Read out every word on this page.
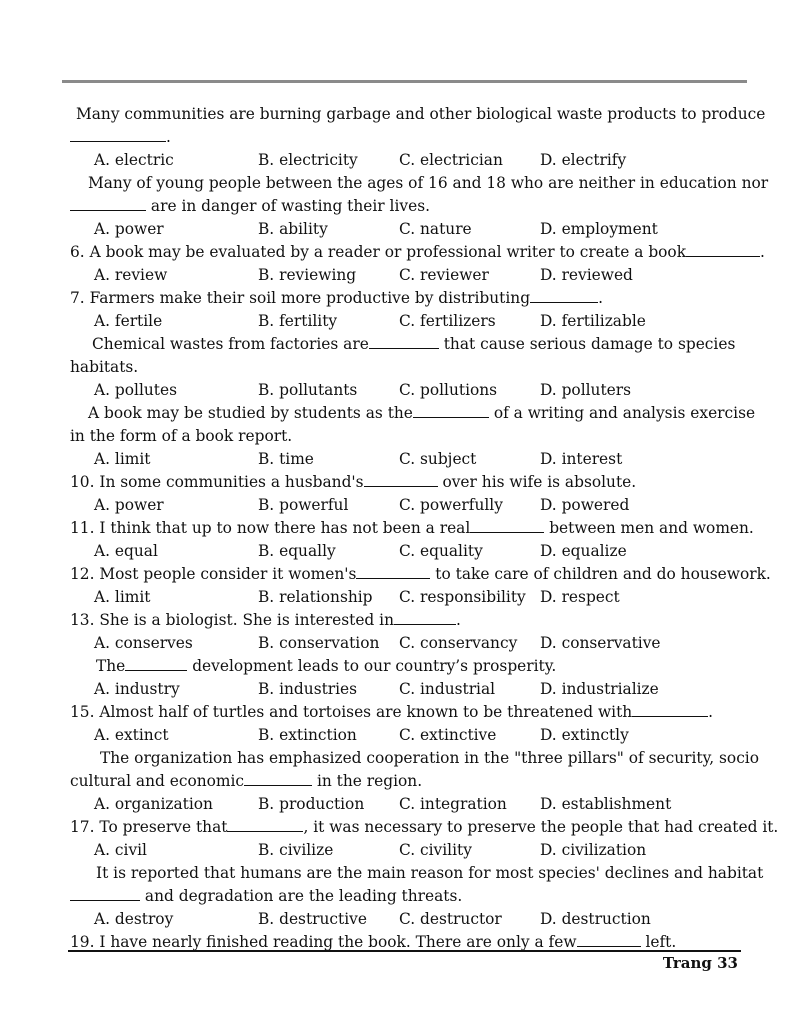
Many communities are burning garbage and other biological waste products to produce
.
A. electric	B. electricity	C. electrician D. electrify
Many of young people between the ages of 16 and 18 who are neither in education nor
are in danger of wasting their lives.
A. power	B. ability	C. nature	D. employment
6. A book may be evaluated by a reader or professional writer to create a book	.
A. review	B. reviewing	C. reviewer	D. reviewed
7. Farmers make their soil more productive by distributing	.
A. fertile	B. fertility	C. fertilizers	D. fertilizable
Chemical wastes from factories are	that cause serious damage to species
habitats.
A. pollutes	B. pollutants	C. pollutions	D. polluters
A book may be studied by students as the	of a writing and analysis exercise
in the form of a book report.
A. limit	B. time	C. subject	D. interest
10. In some communities a husband's	over his wife is absolute.
A. power	B. powerful	C. powerfully D. powered
11. I think that up to now there has not been a real	between men and women.
A. equal	B. equally	C. equality	D. equalize
12. Most people consider it women's	to take care of children and do housework.
A. limit	B. relationship C. responsibility D. respect
13. She is a biologist. She is interested in	.
A. conserves	B. conservation C. conservancy D. conservative
The	development leads to our country’s prosperity.
A. industry	B. industries	C. industrial	D. industrialize
15. Almost half of turtles and tortoises are known to be threatened with	.
A. extinct	B. extinction	C. extinctive	D. extinctly
The organization has emphasized cooperation in the "three pillars" of security, socio
cultural and economic	in the region.
A. organization	B. production C. integration D. establishment
17. To preserve that	, it was necessary to preserve the people that had created it.
A. civil	B. civilize	C. civility	D. civilization
It is reported that humans are the main reason for most species' declines and habitat
and degradation are the leading threats.
A. destroy	B. destructive C. destructor D. destruction
19. I have nearly finished reading the book. There are only a few	left.
Trang 33
